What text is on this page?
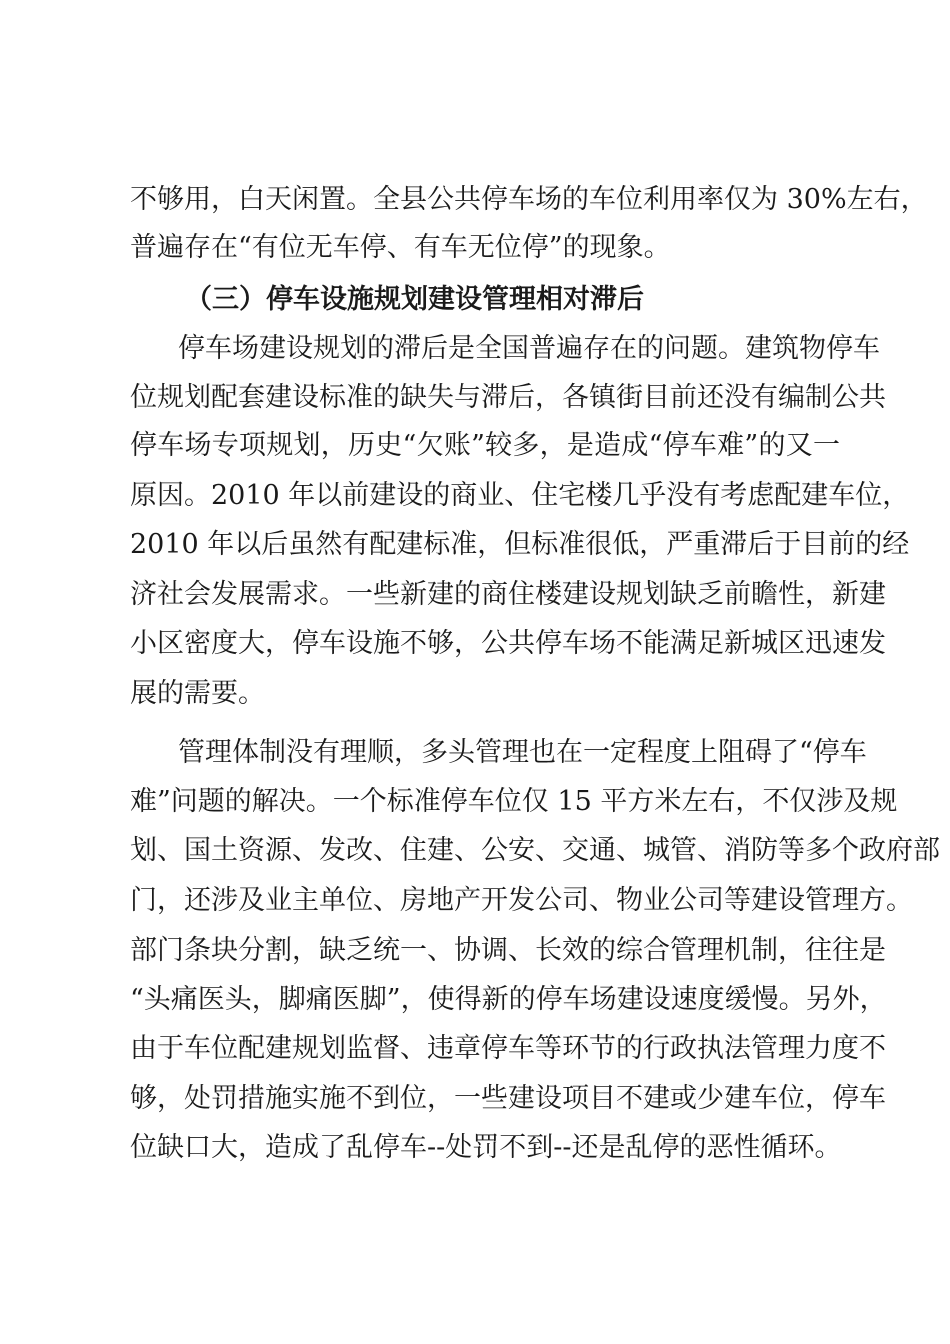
不够用，白天闲置。全县公共停车场的车位利用率仅为 30%左右，
普遍存在“有位无车停、有车无位停”的现象。
（三）停车设施规划建设管理相对滞后
停车场建设规划的滞后是全国普遍存在的问题。建筑物停车
位规划配套建设标准的缺失与滞后，各镇街目前还没有编制公共
停车场专项规划，历史“欠账”较多，是造成“停车难”的又一
原因。2010 年以前建设的商业、住宅楼几乎没有考虑配建车位，
2010 年以后虽然有配建标准，但标准很低，严重滞后于目前的经
济社会发展需求。一些新建的商住楼建设规划缺乏前瞻性，新建
小区密度大，停车设施不够，公共停车场不能满足新城区迅速发
展的需要。
管理体制没有理顺，多头管理也在一定程度上阻碍了“停车
难”问题的解决。一个标准停车位仅 15 平方米左右，不仅涉及规
划、国土资源、发改、住建、公安、交通、城管、消防等多个政府部
门，还涉及业主单位、房地产开发公司、物业公司等建设管理方。
部门条块分割，缺乏统一、协调、长效的综合管理机制，往往是
“头痛医头，脚痛医脚”，使得新的停车场建设速度缓慢。另外，
由于车位配建规划监督、违章停车等环节的行政执法管理力度不
够，处罚措施实施不到位，一些建设项目不建或少建车位，停车
位缺口大，造成了乱停车--处罚不到--还是乱停的恶性循环。
